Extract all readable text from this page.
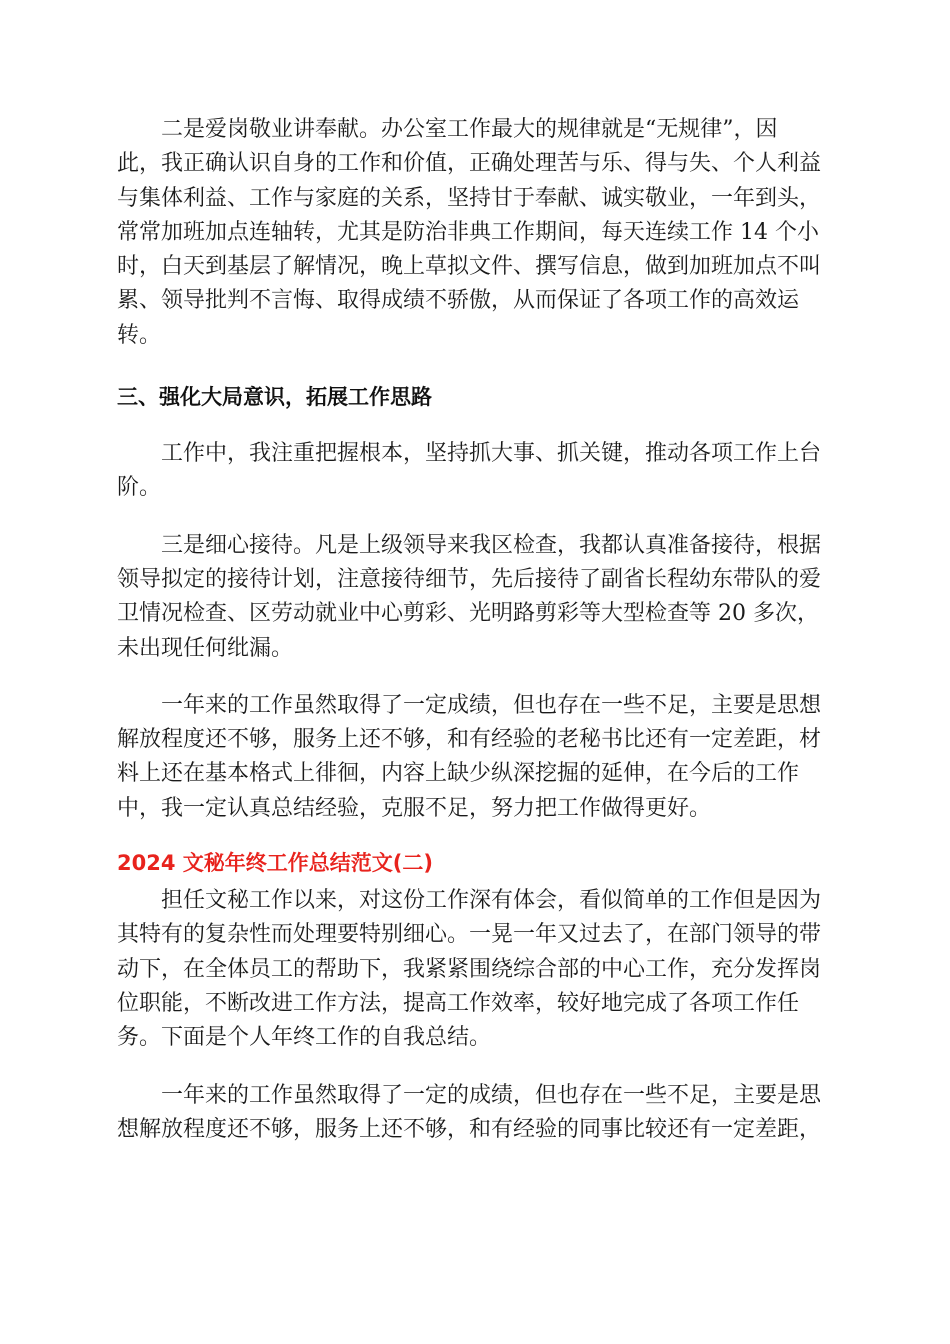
二是爱岗敬业讲奉献。办公室工作最大的规律就是“无规律”，因
此，我正确认识自身的工作和价值，正确处理苦与乐、得与失、个人利益
与集体利益、工作与家庭的关系，坚持甘于奉献、诚实敬业，一年到头，
常常加班加点连轴转，尤其是防治非典工作期间，每天连续工作 14 个小
时，白天到基层了解情况，晚上草拟文件、撰写信息，做到加班加点不叫
累、领导批判不言悔、取得成绩不骄傲，从而保证了各项工作的高效运
转。
三、强化大局意识，拓展工作思路
工作中，我注重把握根本，坚持抓大事、抓关键，推动各项工作上台
阶。
三是细心接待。凡是上级领导来我区检查，我都认真准备接待，根据
领导拟定的接待计划，注意接待细节，先后接待了副省长程幼东带队的爱
卫情况检查、区劳动就业中心剪彩、光明路剪彩等大型检查等 20 多次，
未出现任何纰漏。
一年来的工作虽然取得了一定成绩，但也存在一些不足，主要是思想
解放程度还不够，服务上还不够，和有经验的老秘书比还有一定差距，材
料上还在基本格式上徘徊，内容上缺少纵深挖掘的延伸，在今后的工作
中，我一定认真总结经验，克服不足，努力把工作做得更好。
2024 文秘年终工作总结范文(二)
担任文秘工作以来，对这份工作深有体会，看似简单的工作但是因为
其特有的复杂性而处理要特别细心。一晃一年又过去了，在部门领导的带
动下，在全体员工的帮助下，我紧紧围绕综合部的中心工作，充分发挥岗
位职能，不断改进工作方法，提高工作效率，较好地完成了各项工作任
务。下面是个人年终工作的自我总结。
一年来的工作虽然取得了一定的成绩，但也存在一些不足，主要是思
想解放程度还不够，服务上还不够，和有经验的同事比较还有一定差距，
